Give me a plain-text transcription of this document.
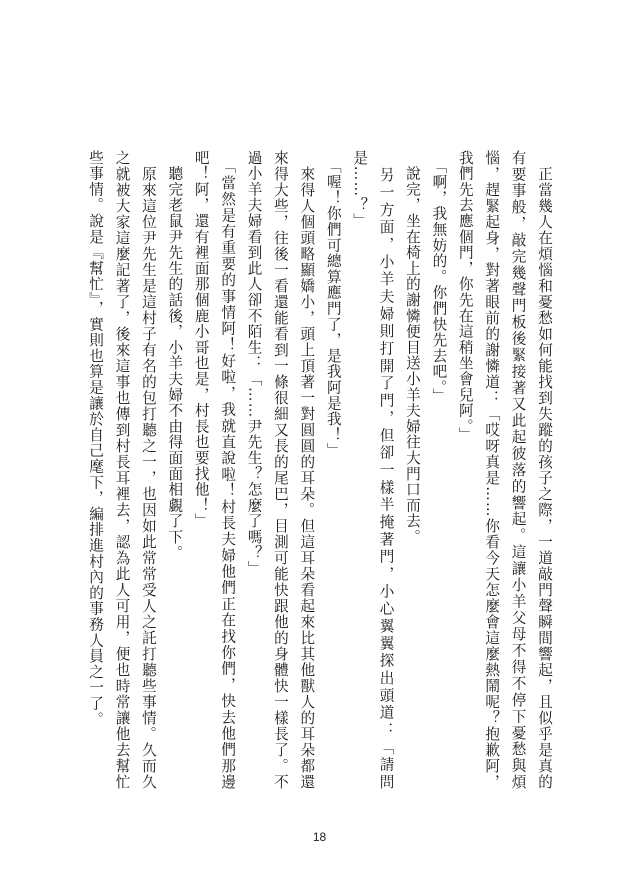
　正當幾人在煩惱和憂愁如何能找到失蹤的孩子之際，一道敲門聲瞬間響起，且似乎是真的有要事般，敲完幾聲門板後緊接著又此起彼落的響起。這讓小羊父母不得不停下憂愁與煩惱，趕緊起身，對著眼前的謝憐道：「哎呀真是……你看今天怎麼會這麼熱鬧呢？抱歉阿，我們先去應個門，你先在這稍坐會兒阿。」

　「啊，我無妨的。你們快先去吧。」

　說完，坐在椅上的謝憐便目送小羊夫婦往大門口而去。

　另一方面，小羊夫婦則打開了門，但卻一樣半掩著門，小心翼翼探出頭道：「請問是……？」

　「喔！你們可總算應門了，是我阿是我！」

　來得人個頭略顯嬌小，頭上頂著一對圓圓的耳朵。但這耳朵看起來比其他獸人的耳朵都還來得大些，往後一看還能看到一條很細又長的尾巴，目測可能快跟他的身體快一樣長了。不過小羊夫婦看到此人卻不陌生：「……尹先生？怎麼了嗎？」

　「當然是有重要的事情阿！好啦，我就直說啦！村長夫婦他們正在找你們，快去他們那邊吧！阿，還有裡面那個鹿小哥也是，村長也要找他！」

　聽完老鼠尹先生的話後，小羊夫婦不由得面面相覷了下。

　原來這位尹先生是這村子有名的包打聽之一，也因如此常常受人之託打聽些事情。久而久之就被大家這麼記著了，後來這事也傳到村長耳裡去，認為此人可用，便也時常讓他去幫忙些事情。說是『幫忙』，實則也算是讓於自己麾下，編排進村內的事務人員之一了。

18
